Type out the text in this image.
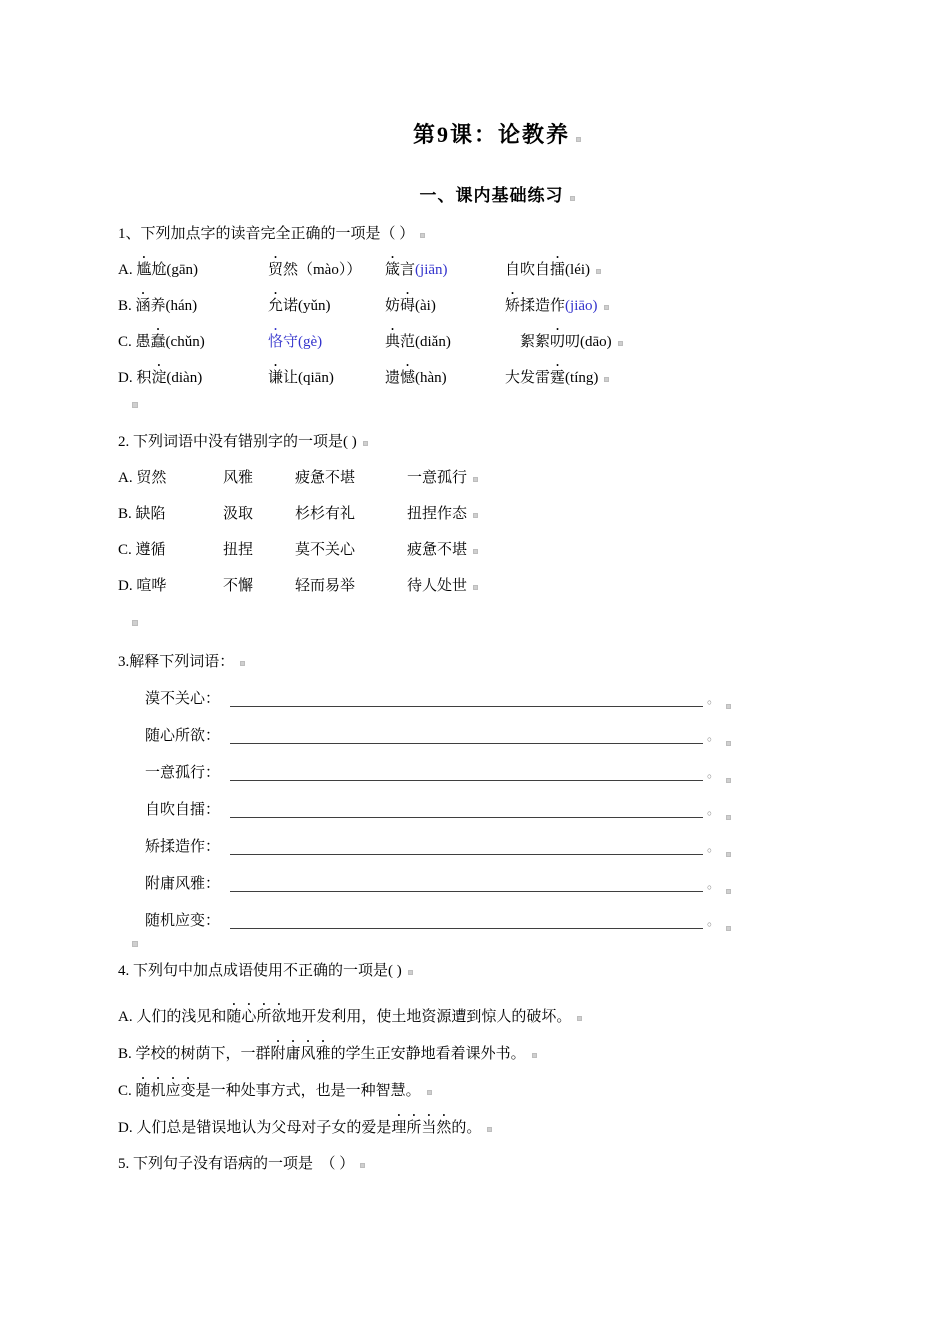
第9课：论教养
一、课内基础练习
1、下列加点字的读音完全正确的一项是（ ）
A. 尴尬(gān)	贸然（mào）） 箴言(jiān)	自吹自擂(léi)
B. 涵养(hán)	允诺(yǔn)	妨碍(ài)	矫揉造作(jiāo)
C. 愚蠢(chǔn)	恪守(gè)	典范(diǎn)	　絮絮叨叨(dāo)
D. 积淀(diàn)	谦让(qiān)	遗憾(hàn)	大发雷霆(tíng)
2. 下列词语中没有错别字的一项是( )
A. 贸然	风雅	疲惫不堪	一意孤行
B. 缺陷	汲取	杉杉有礼	扭捏作态
C. 遵循	扭捏	莫不关心	疲惫不堪
D. 喧哗	不懈	轻而易举	待人处世
3.解释下列词语：
漠不关心：	。
随心所欲：	。
一意孤行：	。
自吹自擂：	。
矫揉造作：	。
附庸风雅：	。
随机应变：	。
4. 下列句中加点成语使用不正确的一项是( )
A. 人们的浅见和随心所欲地开发利用，使土地资源遭到惊人的破坏。
B. 学校的树荫下，一群附庸风雅的学生正安静地看着课外书。
C. 随机应变是一种处事方式，也是一种智慧。
D. 人们总是错误地认为父母对子女的爱是理所当然的。
5. 下列句子没有语病的一项是　（ ）
